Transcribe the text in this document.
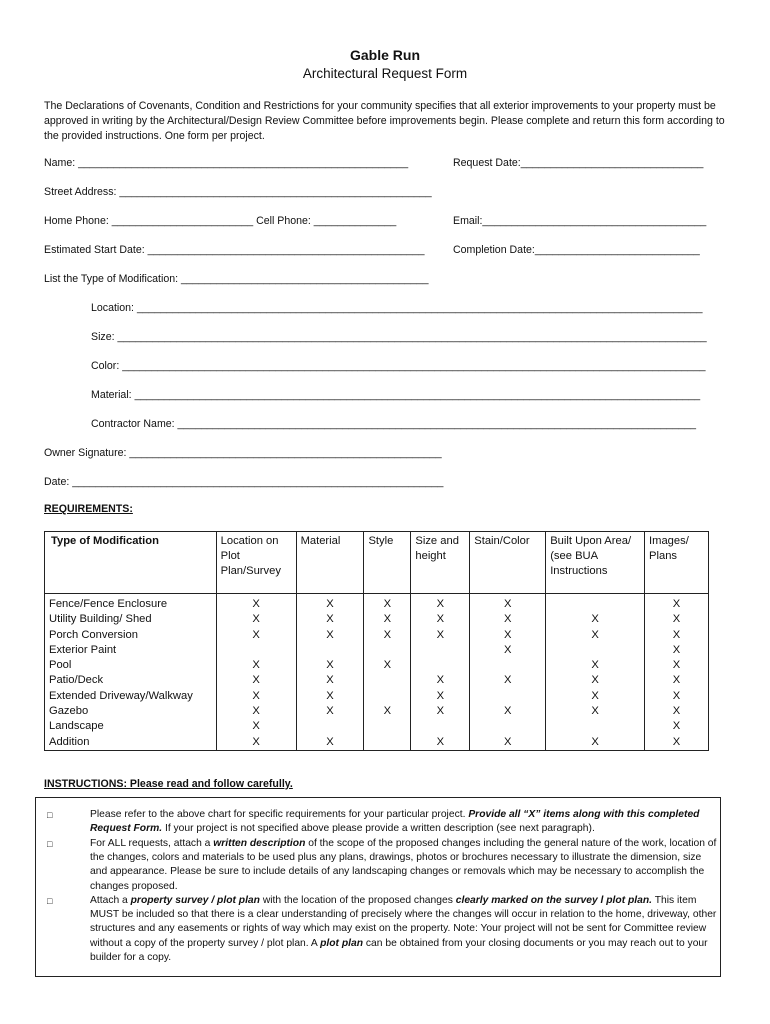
Gable Run
Architectural Request Form
The Declarations of Covenants, Condition and Restrictions for your community specifies that all exterior improvements to your property must be approved in writing by the Architectural/Design Review Committee before improvements begin. Please complete and return this form according to the provided instructions. One form per project.
Name: ________________________________________________________	Request Date:_______________________________
Street Address: _____________________________________________________
Home Phone: ________________________ Cell Phone: ______________	Email:______________________________________
Estimated Start Date: _______________________________________________	Completion Date:____________________________
List the Type of Modification: __________________________________________
Location: ________________________________________________________________________________________________
Size: ____________________________________________________________________________________________________
Color: ___________________________________________________________________________________________________
Material: ________________________________________________________________________________________________
Contractor Name: ________________________________________________________________________________________
Owner Signature: _____________________________________________________
Date: _______________________________________________________________
REQUIREMENTS:
Type of Modification	Location on Plot Plan/Survey	Material	Style	Size and height	Stain/Color	Built Upon Area/ (see BUA Instructions	Images/ Plans
Fence/Fence Enclosure	X	X	X	X	X		X
Utility Building/ Shed	X	X	X	X	X	X	X
Porch Conversion	X	X	X	X	X	X	X
Exterior Paint					X		X
Pool	X	X	X			X	X
Patio/Deck	X	X		X	X	X	X
Extended Driveway/Walkway	X	X		X		X	X
Gazebo	X	X	X	X	X	X	X
Landscape	X						X
Addition	X	X		X	X	X	X
INSTRUCTIONS: Please read and follow carefully.
□	Please refer to the above chart for specific requirements for your particular project. Provide all “X” items along with this completed Request Form. If your project is not specified above please provide a written description (see next paragraph).
□	For ALL requests, attach a written description of the scope of the proposed changes including the general nature of the work, location of the changes, colors and materials to be used plus any plans, drawings, photos or brochures necessary to illustrate the dimension, size and appearance. Please be sure to include details of any landscaping changes or removals which may be necessary to accomplish the changes proposed.
□	Attach a property survey / plot plan with the location of the proposed changes clearly marked on the survey l plot plan. This item MUST be included so that there is a clear understanding of precisely where the changes will occur in relation to the home, driveway, other structures and any easements or rights of way which may exist on the property. Note: Your project will not be sent for Committee review without a copy of the property survey / plot plan. A plot plan can be obtained from your closing documents or you may reach out to your builder for a copy.
